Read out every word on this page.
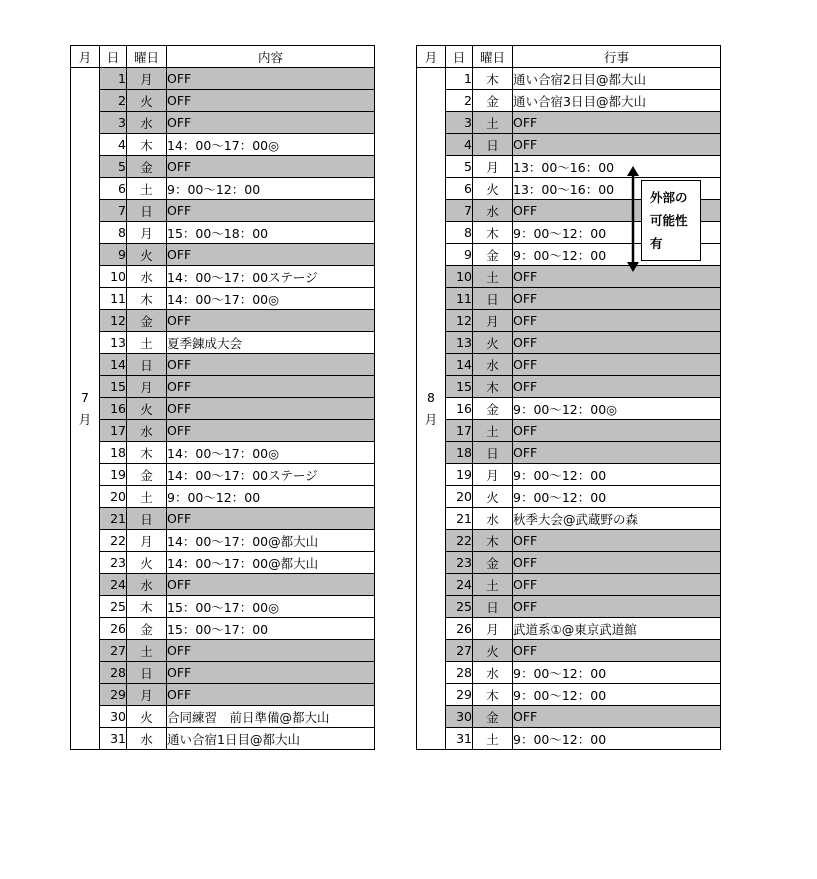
月	日	曜日	内容

7
月	1	月	OFF
	2	火	OFF
	3	水	OFF
	4	木	14：00～17：00◎
	5	金	OFF
	6	土	9：00～12：00
	7	日	OFF
	8	月	15：00～18：00
	9	火	OFF
	10	水	14：00～17：00ステージ
	11	木	14：00～17：00◎
	12	金	OFF
	13	土	夏季錬成大会
	14	日	OFF
	15	月	OFF
	16	火	OFF
	17	水	OFF
	18	木	14：00～17：00◎
	19	金	14：00～17：00ステージ
	20	土	9：00～12：00
	21	日	OFF
	22	月	14：00～17：00@都大山
	23	火	14：00～17：00@都大山
	24	水	OFF
	25	木	15：00～17：00◎
	26	金	15：00～17：00
	27	土	OFF
	28	日	OFF
	29	月	OFF
	30	火	合同練習　前日準備@都大山
	31	水	通い合宿1日目@都大山
月	日	曜日	行事

8
月	1	木	通い合宿2日目@都大山
	2	金	通い合宿3日目@都大山
	3	土	OFF
	4	日	OFF
	5	月	13：00～16：00
	6	火	13：00～16：00
	7	水	OFF
	8	木	9：00～12：00
	9	金	9：00～12：00
	10	土	OFF
	11	日	OFF
	12	月	OFF
	13	火	OFF
	14	水	OFF
	15	木	OFF
	16	金	9：00～12：00◎
	17	土	OFF
	18	日	OFF
	19	月	9：00～12：00
	20	火	9：00～12：00
	21	水	秋季大会@武蔵野の森
	22	木	OFF
	23	金	OFF
	24	土	OFF
	25	日	OFF
	26	月	武道系①@東京武道館
	27	火	OFF
	28	水	9：00～12：00
	29	木	9：00～12：00
	30	金	OFF
	31	土	9：00～12：00
外部の
可能性
有
